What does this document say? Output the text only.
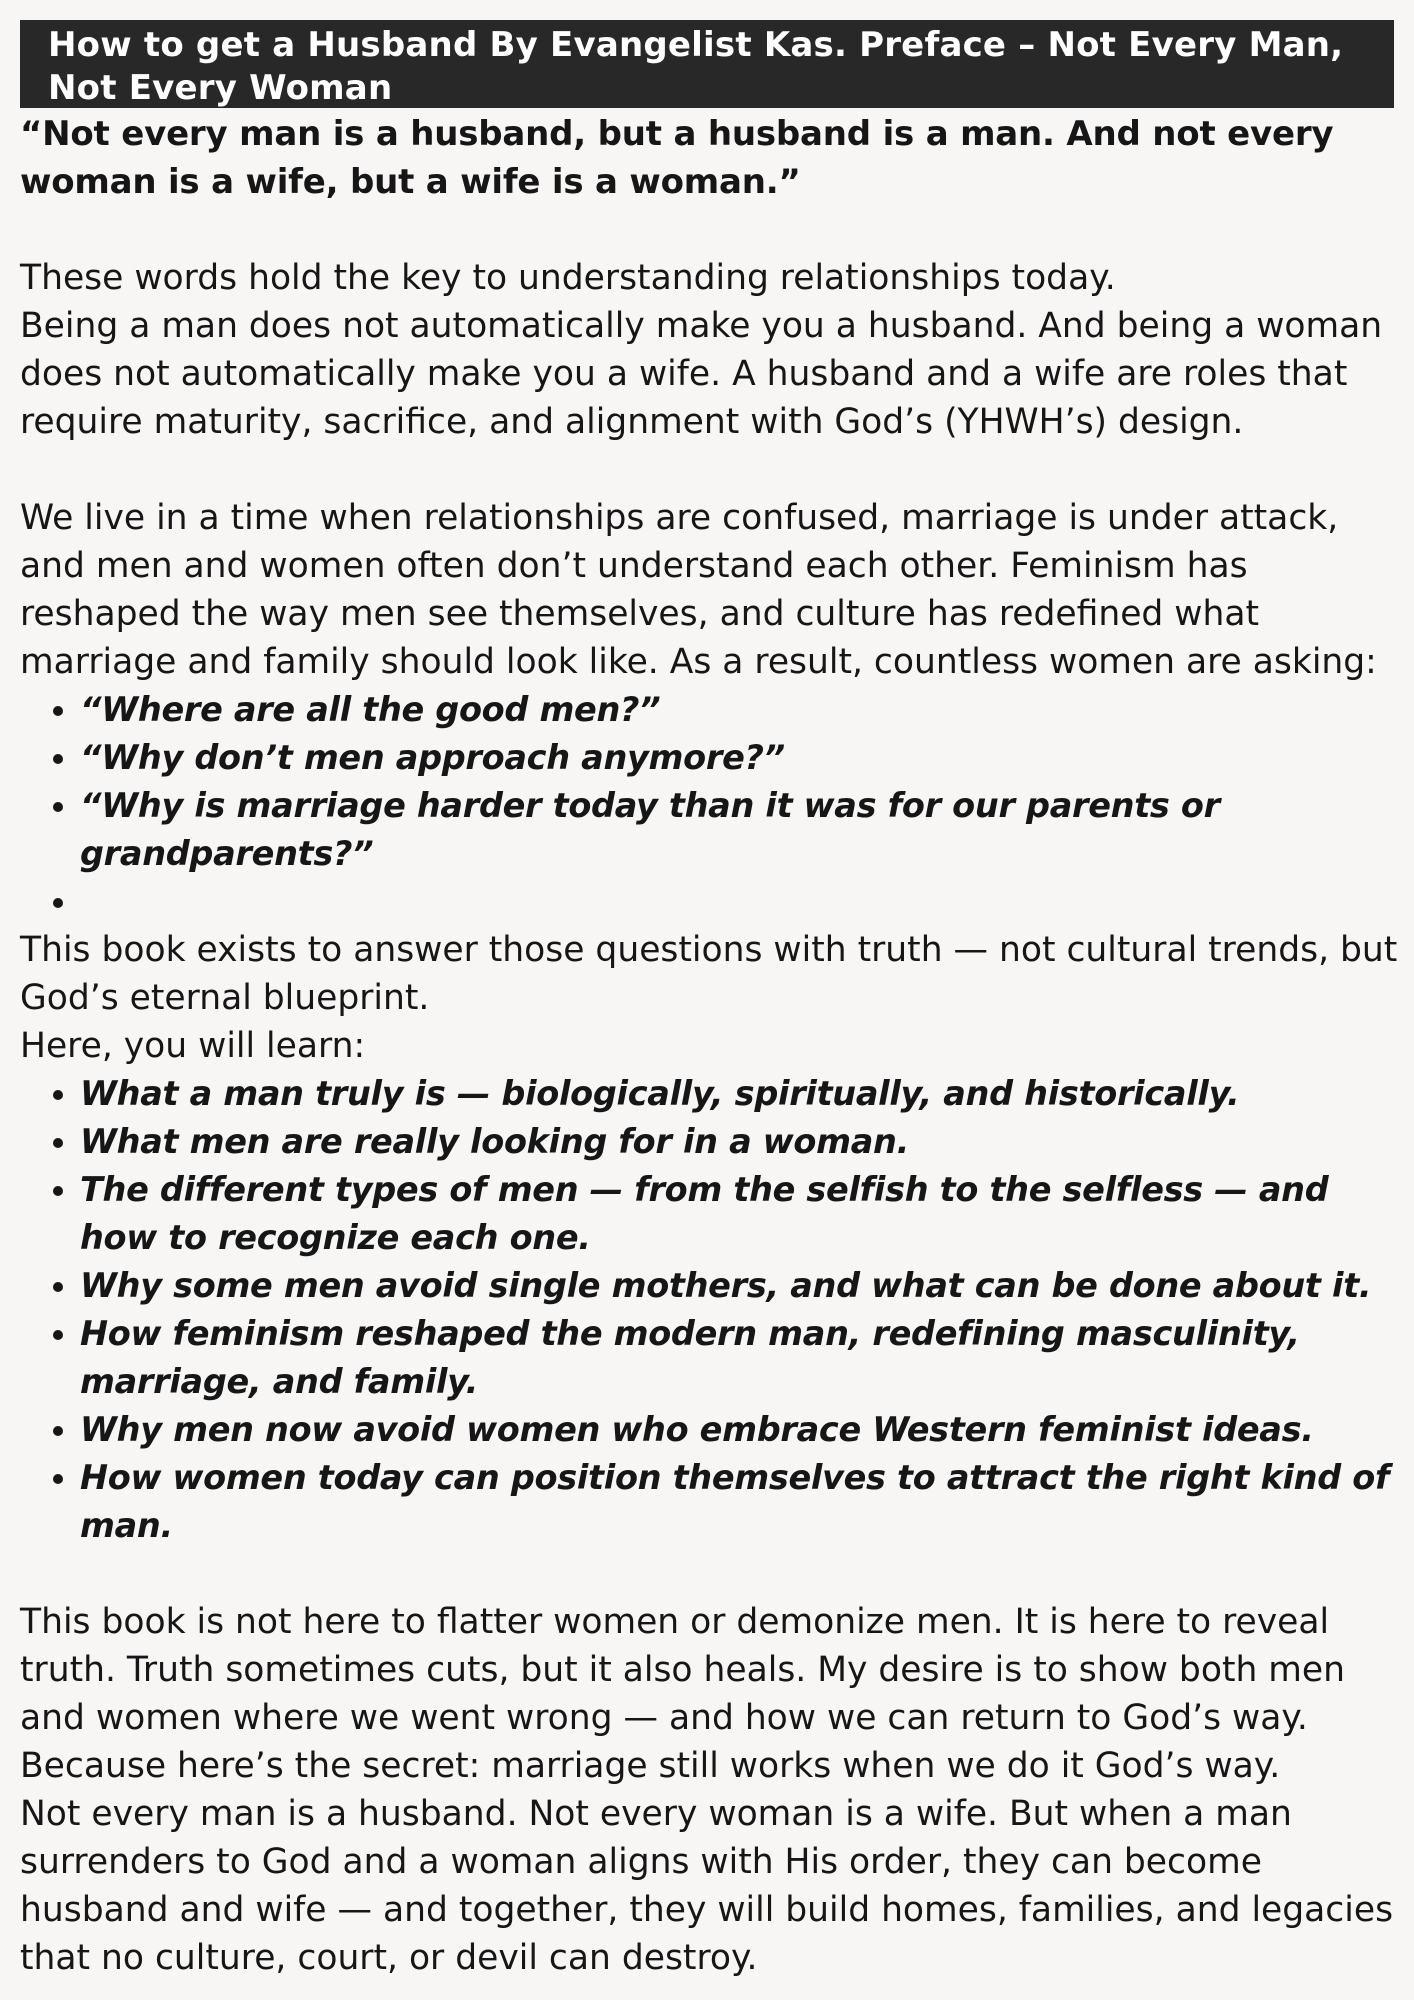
How to get a Husband By Evangelist Kas. Preface – Not Every Man, Not Every Woman

“Not every man is a husband, but a husband is a man. And not every woman is a wife, but a wife is a woman.”

These words hold the key to understanding relationships today.

Being a man does not automatically make you a husband. And being a woman does not automatically make you a wife. A husband and a wife are roles that require maturity, sacrifice, and alignment with God’s (YHWH’s) design.

We live in a time when relationships are confused, marriage is under attack, and men and women often don’t understand each other. Feminism has reshaped the way men see themselves, and culture has redefined what marriage and family should look like. As a result, countless women are asking:

• “Where are all the good men?”
• “Why don’t men approach anymore?”
• “Why is marriage harder today than it was for our parents or grandparents?”
•

This book exists to answer those questions with truth — not cultural trends, but God’s eternal blueprint.

Here, you will learn:

• What a man truly is — biologically, spiritually, and historically.
• What men are really looking for in a woman.
• The different types of men — from the selfish to the selfless — and how to recognize each one.
• Why some men avoid single mothers, and what can be done about it.
• How feminism reshaped the modern man, redefining masculinity, marriage, and family.
• Why men now avoid women who embrace Western feminist ideas.
• How women today can position themselves to attract the right kind of man.

This book is not here to flatter women or demonize men. It is here to reveal truth. Truth sometimes cuts, but it also heals. My desire is to show both men and women where we went wrong — and how we can return to God’s way.

Because here’s the secret: marriage still works when we do it God’s way.

Not every man is a husband. Not every woman is a wife. But when a man surrenders to God and a woman aligns with His order, they can become husband and wife — and together, they will build homes, families, and legacies that no culture, court, or devil can destroy.
